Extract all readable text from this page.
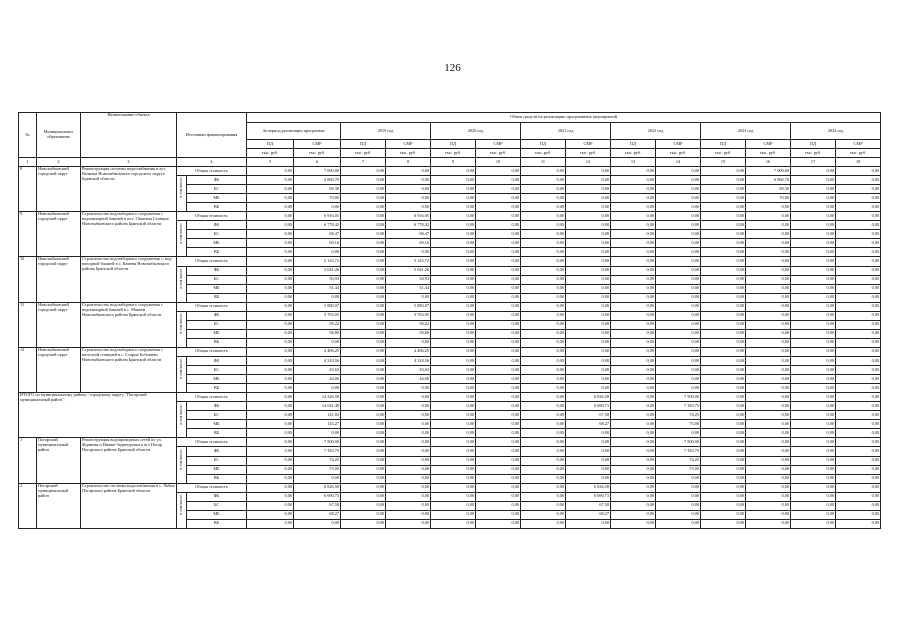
126
№	Муниципальное образование	Наименование объекта	Источники финансирования		Объем средств на реализацию программных мероприятий													
					За период реализации программы		2019 год		2020 год		2021 год		2022 год		2023 год		2024 год	
					ПД	СМР	ПД	СМР	ПД	СМР	ПД	СМР	ПД	СМР	ПД	СМР	ПД	СМР
					тыс. руб.	тыс. руб.	тыс. руб.	тыс. руб.	тыс. руб.	тыс. руб.	тыс. руб.	тыс. руб.	тыс. руб.	тыс. руб.	тыс. руб.	тыс. руб.	тыс. руб.	тыс. руб.
1	2	3	4		5	6	7	8	9	10	11	12	13	14	15	16	17	18
8	Новозыбковский городской округ	Реконструкция системы водоснабжения в хут. Величка Новозыбковского городского округа Брянской области	Общая стоимость		0,00	7 000,00	0,00	0,00	0,00	0,00	0,00	0,00	0,00	0,00	0,00	7 000,00	0,00	0,00

			в том числе:	ФБ	0,00	6 860,70	0,00	0,00	0,00	0,00	0,00	0,00	0,00	0,00	0,00	6 860,70	0,00	0,00
				БС	0,00	69,30	0,00	0,00	0,00	0,00	0,00	0,00	0,00	0,00	0,00	69,30	0,00	0,00
				МБ	0,00	70,00	0,00	0,00	0,00	0,00	0,00	0,00	0,00	0,00	0,00	70,00	0,00	0,00
				ВБ	0,00	0,00	0,00	0,00	0,00	0,00	0,00	0,00	0,00	0,00	0,00	0,00	0,00	0,00
9	Новозыбковский городской округ	Строительство водозаборного сооружения с водонапорной башней в пос. Опытная Станция Новозыбковского района Брянской области	Общая стоимость		0,00	6 916,05	0,00	6 916,05	0,00	0,00	0,00	0,00	0,00	0,00	0,00	0,00	0,00	0,00

			в том числе:	ФБ	0,00	6 778,42	0,00	6 778,42	0,00	0,00	0,00	0,00	0,00	0,00	0,00	0,00	0,00	0,00
				БС	0,00	68,47	0,00	68,47	0,00	0,00	0,00	0,00	0,00	0,00	0,00	0,00	0,00	0,00
				МБ	0,00	69,16	0,00	69,16	0,00	0,00	0,00	0,00	0,00	0,00	0,00	0,00	0,00	0,00
				ВБ	0,00	0,00	0,00	0,00	0,00	0,00	0,00	0,00	0,00	0,00	0,00	0,00	0,00	0,00
10	Новозыбковский городской округ	Строительство водозаборного сооружения с. вод-напорной башней в с. Каменя Новозыбковского района Брянской области	Общая стоимость		0,00	5 143,72	0,00	5 143,72	0,00	0,00	0,00	0,00	0,00	0,00	0,00	0,00	0,00	0,00

			в том числе:	ФБ	0,00	5 041,26	0,00	5 041,26	0,00	0,00	0,00	0,00	0,00	0,00	0,00	0,00	0,00	0,00
				БС	0,00	50,93	0,00	50,93	0,00	0,00	0,00	0,00	0,00	0,00	0,00	0,00	0,00	0,00
				МБ	0,00	51,44	0,00	51,44	0,00	0,00	0,00	0,00	0,00	0,00	0,00	0,00	0,00	0,00
				ВБ	0,00	0,00	0,00	0,00	0,00	0,00	0,00	0,00	0,00	0,00	0,00	0,00	0,00	0,00
11	Новозыбковский городской округ	Строительство водозаборного сооружения с водонапорной башней в с. Макеем Новозыбковского района Брянской области	Общая стоимость		0,00	5 880,07	0,00	5 880,07	0,00	0,00	0,00	0,00	0,00	0,00	0,00	0,00	0,00	0,00

			в том числе:	ФБ	0,00	5 763,05	0,00	5 763,05	0,00	0,00	0,00	0,00	0,00	0,00	0,00	0,00	0,00	0,00
				БС	0,00	58,22	0,00	58,22	0,00	0,00	0,00	0,00	0,00	0,00	0,00	0,00	0,00	0,00
				МБ	0,00	58,80	0,00	58,80	0,00	0,00	0,00	0,00	0,00	0,00	0,00	0,00	0,00	0,00
				ВБ	0,00	0,00	0,00	0,00	0,00	0,00	0,00	0,00	0,00	0,00	0,00	0,00	0,00	0,00
12	Новозыбковский городской округ	Строительство водозаборного сооружения с насосной станцией в с. Старые Бобовичи Новозыбковского района Брянской области	Общая стоимость		0,00	4 406,25	0,00	4 406,25	0,00	0,00	0,00	0,00	0,00	0,00	0,00	0,00	0,00	0,00

			в том числе:	ФБ	0,00	4 318,56	0,00	4 318,56	0,00	0,00	0,00	0,00	0,00	0,00	0,00	0,00	0,00	0,00
				БС	0,00	43,63	0,00	43,63	0,00	0,00	0,00	0,00	0,00	0,00	0,00	0,00	0,00	0,00
				МБ	0,00	44,06	0,00	44,06	0,00	0,00	0,00	0,00	0,00	0,00	0,00	0,00	0,00	0,00
				ВБ	0,00	0,00	0,00	0,00	0,00	0,00	0,00	0,00	0,00	0,00	0,00	0,00	0,00	0,00
ИТОГО по муниципальному району / городскому округу "Погарский муниципальный район":			Общая стоимость		0,00	14 326,58	0,00	0,00	0,00	0,00	0,00	6 826,58	0,00	7 500,00	0,00	0,00	0,00	0,00

			в том числе:	ФБ	0,00	14 041,48	0,00	0,00	0,00	0,00	0,00	6 690,73	0,00	7 350,75	0,00	0,00	0,00	0,00
				БС	0,00	141,83	0,00	0,00	0,00	0,00	0,00	67,58	0,00	74,25	0,00	0,00	0,00	0,00
				МБ	0,00	143,27	0,00	0,00	0,00	0,00	0,00	68,27	0,00	75,00	0,00	0,00	0,00	0,00
				ВБ	0,00	0,00	0,00	0,00	0,00	0,00	0,00	0,00	0,00	0,00	0,00	0,00	0,00	0,00
1	Погарский муниципальный район	Реконструкция водопроводных сетей по ул. Жданова и Нижне-Заднепровья в пгт Погар Погарского района Брянской области	Общая стоимость		0,00	7 500,00	0,00	0,00	0,00	0,00	0,00	0,00	0,00	7 500,00	0,00	0,00	0,00	0,00

			в том числе:	ФБ	0,00	7 350,75	0,00	0,00	0,00	0,00	0,00	0,00	0,00	7 350,75	0,00	0,00	0,00	0,00
				БС	0,00	74,25	0,00	0,00	0,00	0,00	0,00	0,00	0,00	74,25	0,00	0,00	0,00	0,00
				МБ	0,00	75,00	0,00	0,00	0,00	0,00	0,00	0,00	0,00	75,00	0,00	0,00	0,00	0,00
				ВБ	0,00	0,00	0,00	0,00	0,00	0,00	0,00	0,00	0,00	0,00	0,00	0,00	0,00	0,00
2	Погарский муниципальный район	Строительство системы водоснабжения в с. Лобки Погарского района Брянской области	Общая стоимость		0,00	6 826,58	0,00	0,00	0,00	0,00	0,00	6 826,58	0,00	0,00	0,00	0,00	0,00	0,00

			в том числе:	ФБ	0,00	6 690,73	0,00	0,00	0,00	0,00	0,00	6 690,73	0,00	0,00	0,00	0,00	0,00	0,00
				БС	0,00	67,58	0,00	0,00	0,00	0,00	0,00	67,58	0,00	0,00	0,00	0,00	0,00	0,00
				МБ	0,00	68,27	0,00	0,00	0,00	0,00	0,00	68,27	0,00	0,00	0,00	0,00	0,00	0,00
				ВБ	0,00	0,00	0,00	0,00	0,00	0,00	0,00	0,00	0,00	0,00	0,00	0,00	0,00	0,00
